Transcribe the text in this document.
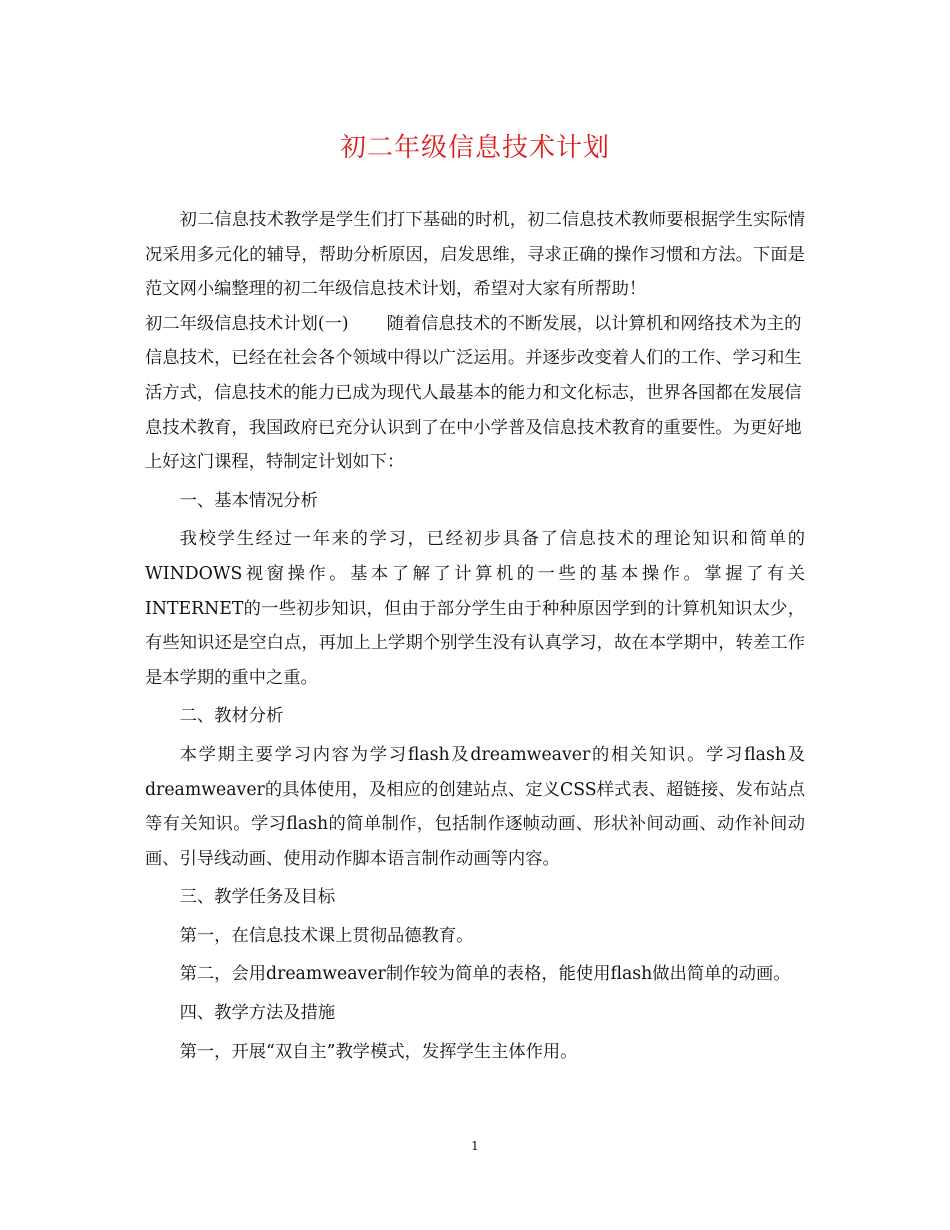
初二年级信息技术计划

初二信息技术教学是学生们打下基础的时机，初二信息技术教师要根据学生实际情况采用多元化的辅导，帮助分析原因，启发思维，寻求正确的操作习惯和方法。下面是范文网小编整理的初二年级信息技术计划，希望对大家有所帮助！

初二年级信息技术计划(一) 随着信息技术的不断发展，以计算机和网络技术为主的信息技术，已经在社会各个领域中得以广泛运用。并逐步改变着人们的工作、学习和生活方式，信息技术的能力已成为现代人最基本的能力和文化标志，世界各国都在发展信息技术教育，我国政府已充分认识到了在中小学普及信息技术教育的重要性。为更好地上好这门课程，特制定计划如下：

一、基本情况分析

我校学生经过一年来的学习，已经初步具备了信息技术的理论知识和简单的WINDOWS视窗操作。基本了解了计算机的一些的基本操作。掌握了有关INTERNET的一些初步知识，但由于部分学生由于种种原因学到的计算机知识太少，有些知识还是空白点，再加上上学期个别学生没有认真学习，故在本学期中，转差工作是本学期的重中之重。

二、教材分析

本学期主要学习内容为学习flash及dreamweaver的相关知识。学习flash及dreamweaver的具体使用，及相应的创建站点、定义CSS样式表、超链接、发布站点等有关知识。学习flash的简单制作，包括制作逐帧动画、形状补间动画、动作补间动画、引导线动画、使用动作脚本语言制作动画等内容。

三、教学任务及目标

第一，在信息技术课上贯彻品德教育。

第二，会用dreamweaver制作较为简单的表格，能使用flash做出简单的动画。

四、教学方法及措施

第一，开展“双自主”教学模式，发挥学生主体作用。

1
